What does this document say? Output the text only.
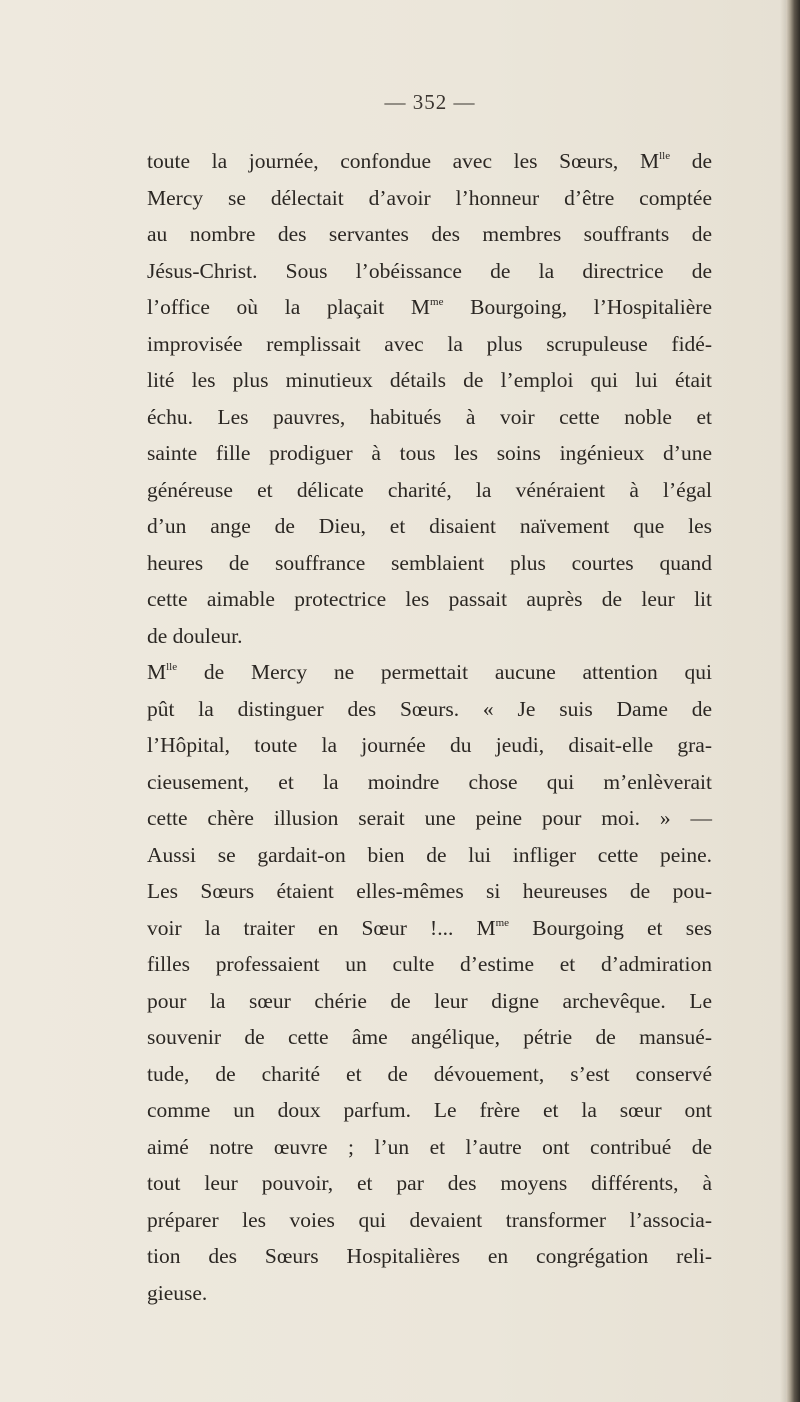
— 352 —
toute la journée, confondue avec les Sœurs, $M^{lle}$ de
Mercy se délectait d’avoir l’honneur d’être comptée
au nombre des servantes des membres souffrants de
Jésus-Christ. Sous l’obéissance de la directrice de
l’office où la plaçait $M^{me}$ Bourgoing, l’Hospitalière
improvisée remplissait avec la plus scrupuleuse fidé-
lité les plus minutieux détails de l’emploi qui lui était
échu. Les pauvres, habitués à voir cette noble et
sainte fille prodiguer à tous les soins ingénieux d’une
généreuse et délicate charité, la vénéraient à l’égal
d’un ange de Dieu, et disaient naïvement que les
heures de souffrance semblaient plus courtes quand
cette aimable protectrice les passait auprès de leur lit
de douleur.
$M^{lle}$ de Mercy ne permettait aucune attention qui
pût la distinguer des Sœurs. « Je suis Dame de
l’Hôpital, toute la journée du jeudi, disait-elle gra-
cieusement, et la moindre chose qui m’enlèverait
cette chère illusion serait une peine pour moi. » —
Aussi se gardait-on bien de lui infliger cette peine.
Les Sœurs étaient elles-mêmes si heureuses de pou-
voir la traiter en Sœur !... $M^{me}$ Bourgoing et ses
filles professaient un culte d’estime et d’admiration
pour la sœur chérie de leur digne archevêque. Le
souvenir de cette âme angélique, pétrie de mansué-
tude, de charité et de dévouement, s’est conservé
comme un doux parfum. Le frère et la sœur ont
aimé notre œuvre ; l’un et l’autre ont contribué de
tout leur pouvoir, et par des moyens différents, à
préparer les voies qui devaient transformer l’associa-
tion des Sœurs Hospitalières en congrégation reli-
gieuse.
